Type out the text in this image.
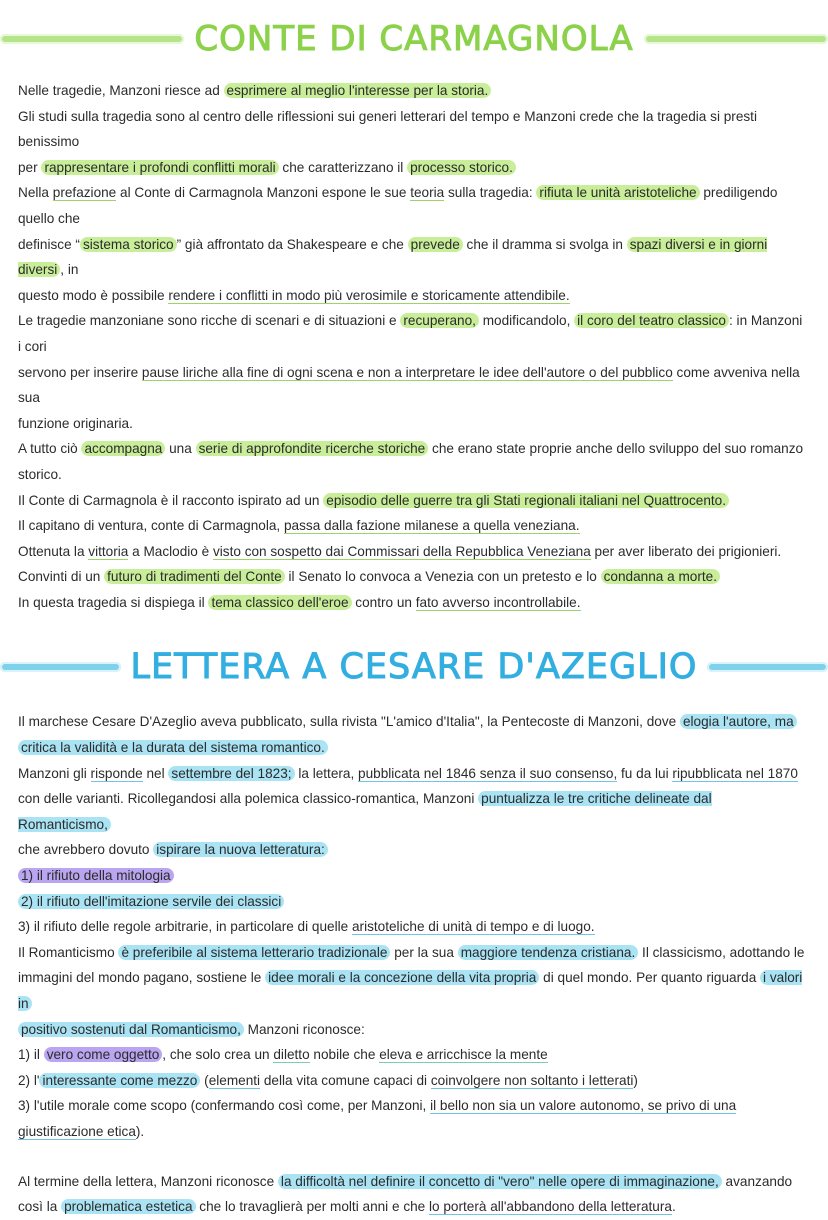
CONTE DI CARMAGNOLA

Nelle tragedie, Manzoni riesce ad esprimere al meglio l'interesse per la storia.

Gli studi sulla tragedia sono al centro delle riflessioni sui generi letterari del tempo e Manzoni crede che la tragedia si presti benissimo

per rappresentare i profondi conflitti morali che caratterizzano il processo storico.

Nella prefazione al Conte di Carmagnola Manzoni espone le sue teoria sulla tragedia: rifiuta le unità aristoteliche prediligendo quello che

definisce “ sistema storico ” già affrontato da Shakespeare e che prevede che il dramma si svolga in spazi diversi e in giorni diversi , in

questo modo è possibile rendere i conflitti in modo più verosimile e storicamente attendibile.

Le tragedie manzoniane sono ricche di scenari e di situazioni e recuperano, modificandolo, il coro del teatro classico : in Manzoni i cori

servono per inserire pause liriche alla fine di ogni scena e non a interpretare le idee dell'autore o del pubblico come avveniva nella sua

funzione originaria.

A tutto ciò accompagna una serie di approfondite ricerche storiche che erano state proprie anche dello sviluppo del suo romanzo

storico.

Il Conte di Carmagnola è il racconto ispirato ad un episodio delle guerre tra gli Stati regionali italiani nel Quattrocento.

Il capitano di ventura, conte di Carmagnola, passa dalla fazione milanese a quella veneziana.

Ottenuta la vittoria a Maclodio è visto con sospetto dai Commissari della Repubblica Veneziana per aver liberato dei prigionieri.

Convinti di un futuro di tradimenti del Conte il Senato lo convoca a Venezia con un pretesto e lo condanna a morte.

In questa tragedia si dispiega il tema classico dell'eroe contro un fato avverso incontrollabile.

LETTERA A CESARE D'AZEGLIO

Il marchese Cesare D'Azeglio aveva pubblicato, sulla rivista "L'amico d'Italia", la Pentecoste di Manzoni, dove elogia l'autore, ma

critica la validità e la durata del sistema romantico.

Manzoni gli risponde nel settembre del 1823; la lettera, pubblicata nel 1846 senza il suo consenso, fu da lui ripubblicata nel 1870

con delle varianti. Ricollegandosi alla polemica classico-romantica, Manzoni puntualizza le tre critiche delineate dal Romanticismo,

che avrebbero dovuto ispirare la nuova letteratura:

1) il rifiuto della mitologia

2) il rifiuto dell'imitazione servile dei classici

3) il rifiuto delle regole arbitrarie, in particolare di quelle aristoteliche di unità di tempo e di luogo.

Il Romanticismo è preferibile al sistema letterario tradizionale per la sua maggiore tendenza cristiana. Il classicismo, adottando le

immagini del mondo pagano, sostiene le idee morali e la concezione della vita propria di quel mondo. Per quanto riguarda i valori in

positivo sostenuti dal Romanticismo, Manzoni riconosce:

1) il vero come oggetto , che solo crea un diletto nobile che eleva e arricchisce la mente

2) l' interessante come mezzo (elementi della vita comune capaci di coinvolgere non soltanto i letterati)

3) l'utile morale come scopo (confermando così come, per Manzoni, il bello non sia un valore autonomo, se privo di una

giustificazione etica).

Al termine della lettera, Manzoni riconosce la difficoltà nel definire il concetto di "vero" nelle opere di immaginazione, avanzando

così la problematica estetica che lo travaglierà per molti anni e che lo porterà all'abbandono della letteratura.
